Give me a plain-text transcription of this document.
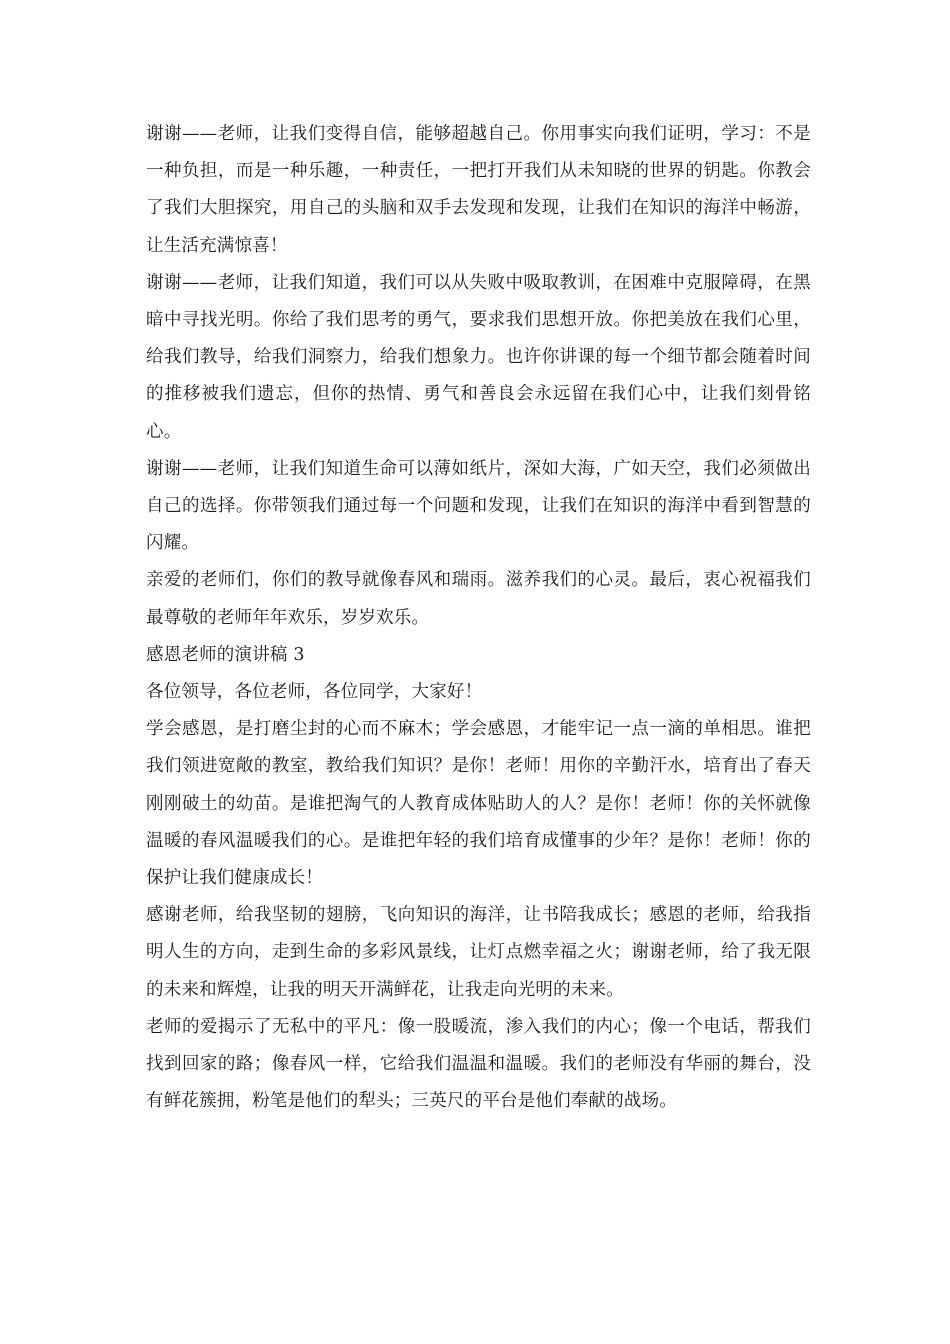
谢谢——老师，让我们变得自信，能够超越自己。你用事实向我们证明，学习：不是一种负担，而是一种乐趣，一种责任，一把打开我们从未知晓的世界的钥匙。你教会了我们大胆探究，用自己的头脑和双手去发现和发现，让我们在知识的海洋中畅游，让生活充满惊喜！

谢谢——老师，让我们知道，我们可以从失败中吸取教训，在困难中克服障碍，在黑暗中寻找光明。你给了我们思考的勇气，要求我们思想开放。你把美放在我们心里，给我们教导，给我们洞察力，给我们想象力。也许你讲课的每一个细节都会随着时间的推移被我们遗忘，但你的热情、勇气和善良会永远留在我们心中，让我们刻骨铭心。

谢谢——老师，让我们知道生命可以薄如纸片，深如大海，广如天空，我们必须做出自己的选择。你带领我们通过每一个问题和发现，让我们在知识的海洋中看到智慧的闪耀。

亲爱的老师们，你们的教导就像春风和瑞雨。滋养我们的心灵。最后，衷心祝福我们最尊敬的老师年年欢乐，岁岁欢乐。

感恩老师的演讲稿 3

各位领导，各位老师，各位同学，大家好！

学会感恩，是打磨尘封的心而不麻木；学会感恩，才能牢记一点一滴的单相思。谁把我们领进宽敞的教室，教给我们知识？是你！老师！用你的辛勤汗水，培育出了春天刚刚破土的幼苗。是谁把淘气的人教育成体贴助人的人？是你！老师！你的关怀就像温暖的春风温暖我们的心。是谁把年轻的我们培育成懂事的少年？是你！老师！你的保护让我们健康成长！

感谢老师，给我坚韧的翅膀，飞向知识的海洋，让书陪我成长；感恩的老师，给我指明人生的方向，走到生命的多彩风景线，让灯点燃幸福之火；谢谢老师，给了我无限的未来和辉煌，让我的明天开满鲜花，让我走向光明的未来。

老师的爱揭示了无私中的平凡：像一股暖流，渗入我们的内心；像一个电话，帮我们找到回家的路；像春风一样，它给我们温温和温暖。我们的老师没有华丽的舞台，没有鲜花簇拥，粉笔是他们的犁头；三英尺的平台是他们奉献的战场。
